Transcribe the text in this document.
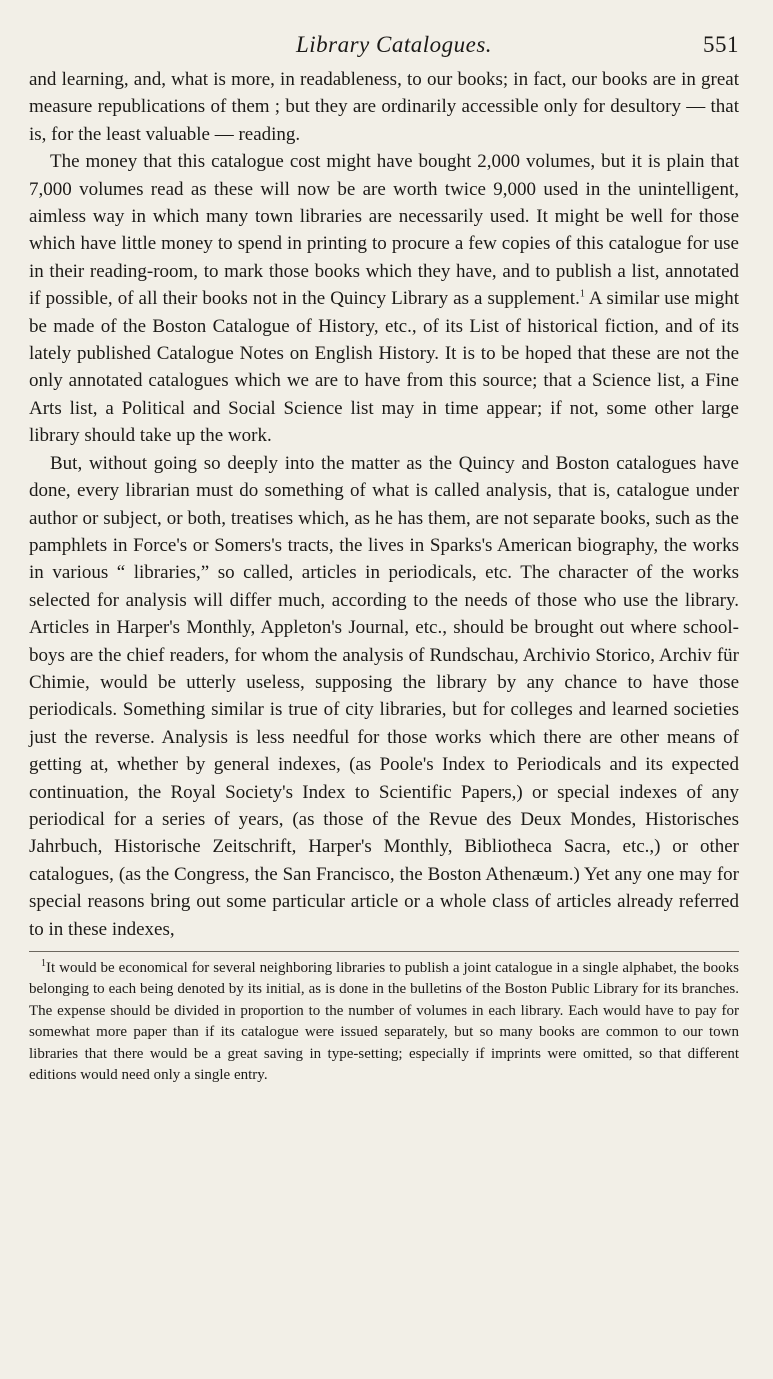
Library Catalogues.	551

and learning, and, what is more, in readableness, to our books; in fact, our books are in great measure republications of them ; but they are ordinarily accessible only for desultory — that is, for the least valuable — reading.

The money that this catalogue cost might have bought 2,000 volumes, but it is plain that 7,000 volumes read as these will now be are worth twice 9,000 used in the unintelligent, aimless way in which many town libraries are necessarily used. It might be well for those which have little money to spend in printing to procure a few copies of this catalogue for use in their reading-room, to mark those books which they have, and to publish a list, annotated if possible, of all their books not in the Quincy Library as a supplement.$^1$ A similar use might be made of the Boston Catalogue of History, etc., of its List of historical fiction, and of its lately published Catalogue Notes on English History. It is to be hoped that these are not the only annotated catalogues which we are to have from this source; that a Science list, a Fine Arts list, a Political and Social Science list may in time appear; if not, some other large library should take up the work.

But, without going so deeply into the matter as the Quincy and Boston catalogues have done, every librarian must do something of what is called analysis, that is, catalogue under author or subject, or both, treatises which, as he has them, are not separate books, such as the pamphlets in Force's or Somers's tracts, the lives in Sparks's American biography, the works in various “ libraries,” so called, articles in periodicals, etc. The character of the works selected for analysis will differ much, according to the needs of those who use the library. Articles in Harper's Monthly, Appleton's Journal, etc., should be brought out where school-boys are the chief readers, for whom the analysis of Rundschau, Archivio Storico, Archiv für Chimie, would be utterly useless, supposing the library by any chance to have those periodicals. Something similar is true of city libraries, but for colleges and learned societies just the reverse. Analysis is less needful for those works which there are other means of getting at, whether by general indexes, (as Poole's Index to Periodicals and its expected continuation, the Royal Society's Index to Scientific Papers,) or special indexes of any periodical for a series of years, (as those of the Revue des Deux Mondes, Historisches Jahrbuch, Historische Zeitschrift, Harper's Monthly, Bibliotheca Sacra, etc.,) or other catalogues, (as the Congress, the San Francisco, the Boston Athenæum.) Yet any one may for special reasons bring out some particular article or a whole class of articles already referred to in these indexes,

$^1$It would be economical for several neighboring libraries to publish a joint catalogue in a single alphabet, the books belonging to each being denoted by its initial, as is done in the bulletins of the Boston Public Library for its branches. The expense should be divided in proportion to the number of volumes in each library. Each would have to pay for somewhat more paper than if its catalogue were issued separately, but so many books are common to our town libraries that there would be a great saving in type-setting; especially if imprints were omitted, so that different editions would need only a single entry.
